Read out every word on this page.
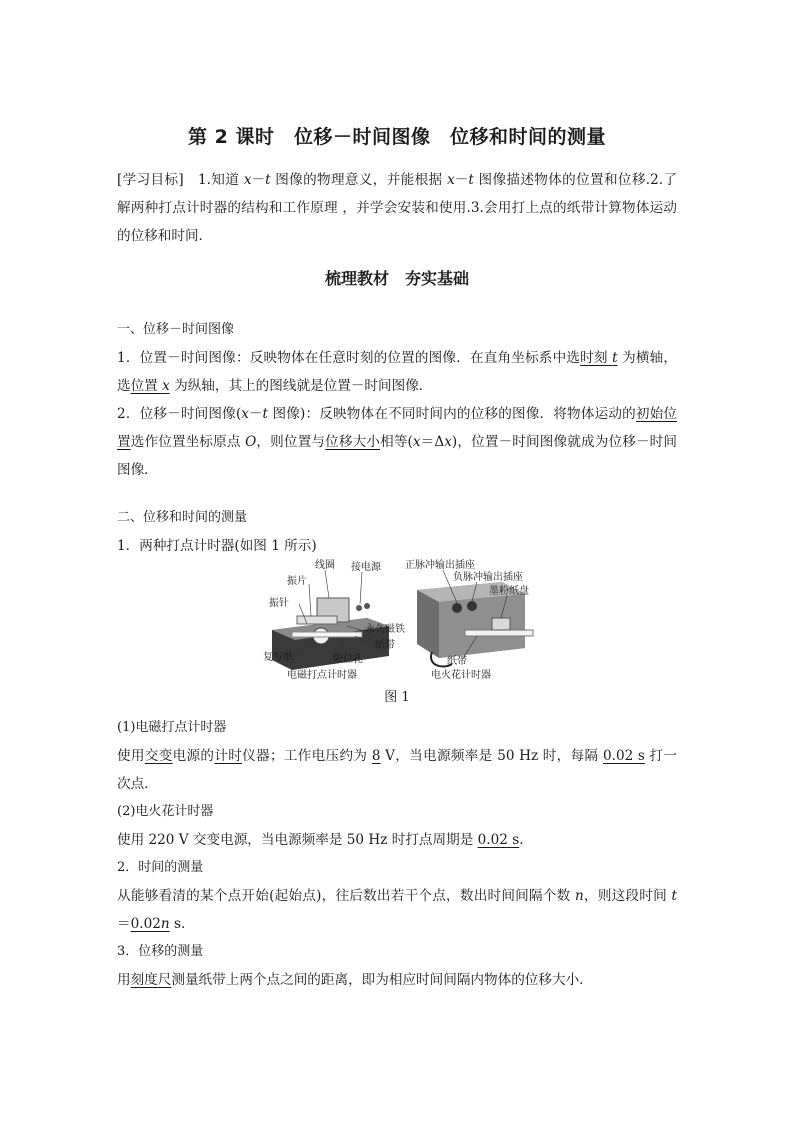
第 2 课时　位移－时间图像　位移和时间的测量

[学习目标]　1.知道 x－t 图像的物理意义，并能根据 x－t 图像描述物体的位置和位移.2.了解两种打点计时器的结构和工作原理 ，并学会安装和使用.3.会用打上点的纸带计算物体运动的位移和时间．

梳理教材　夯实基础

一、位移－时间图像

1．位置－时间图像：反映物体在任意时刻的位置的图像．在直角坐标系中选时刻 t 为横轴，选位置 x 为纵轴，其上的图线就是位置－时间图像．

2．位移－时间图像(x－t 图像)：反映物体在不同时间内的位移的图像．将物体运动的初始位置选作位置坐标原点 O，则位置与位移大小相等(x＝Δx)，位置－时间图像就成为位移－时间图像．

二、位移和时间的测量

1．两种打点计时器(如图 1 所示)

线圈 接电源
振片
振针
永久磁铁
纸带
复写纸	限位孔
电磁打点计时器
正脉冲输出插座
负脉冲输出插座
墨粉纸盘
纸带
电火花计时器
图 1

(1)电磁打点计时器

使用交变电源的计时仪器；工作电压约为 8 V，当电源频率是 50 Hz 时，每隔 0.02 s 打一次点．

(2)电火花计时器

使用 220 V 交变电源，当电源频率是 50 Hz 时打点周期是 0.02 s.

2．时间的测量

从能够看清的某个点开始(起始点)，往后数出若干个点，数出时间间隔个数 n，则这段时间 t＝0.02n s.

3．位移的测量

用刻度尺测量纸带上两个点之间的距离，即为相应时间间隔内物体的位移大小．
